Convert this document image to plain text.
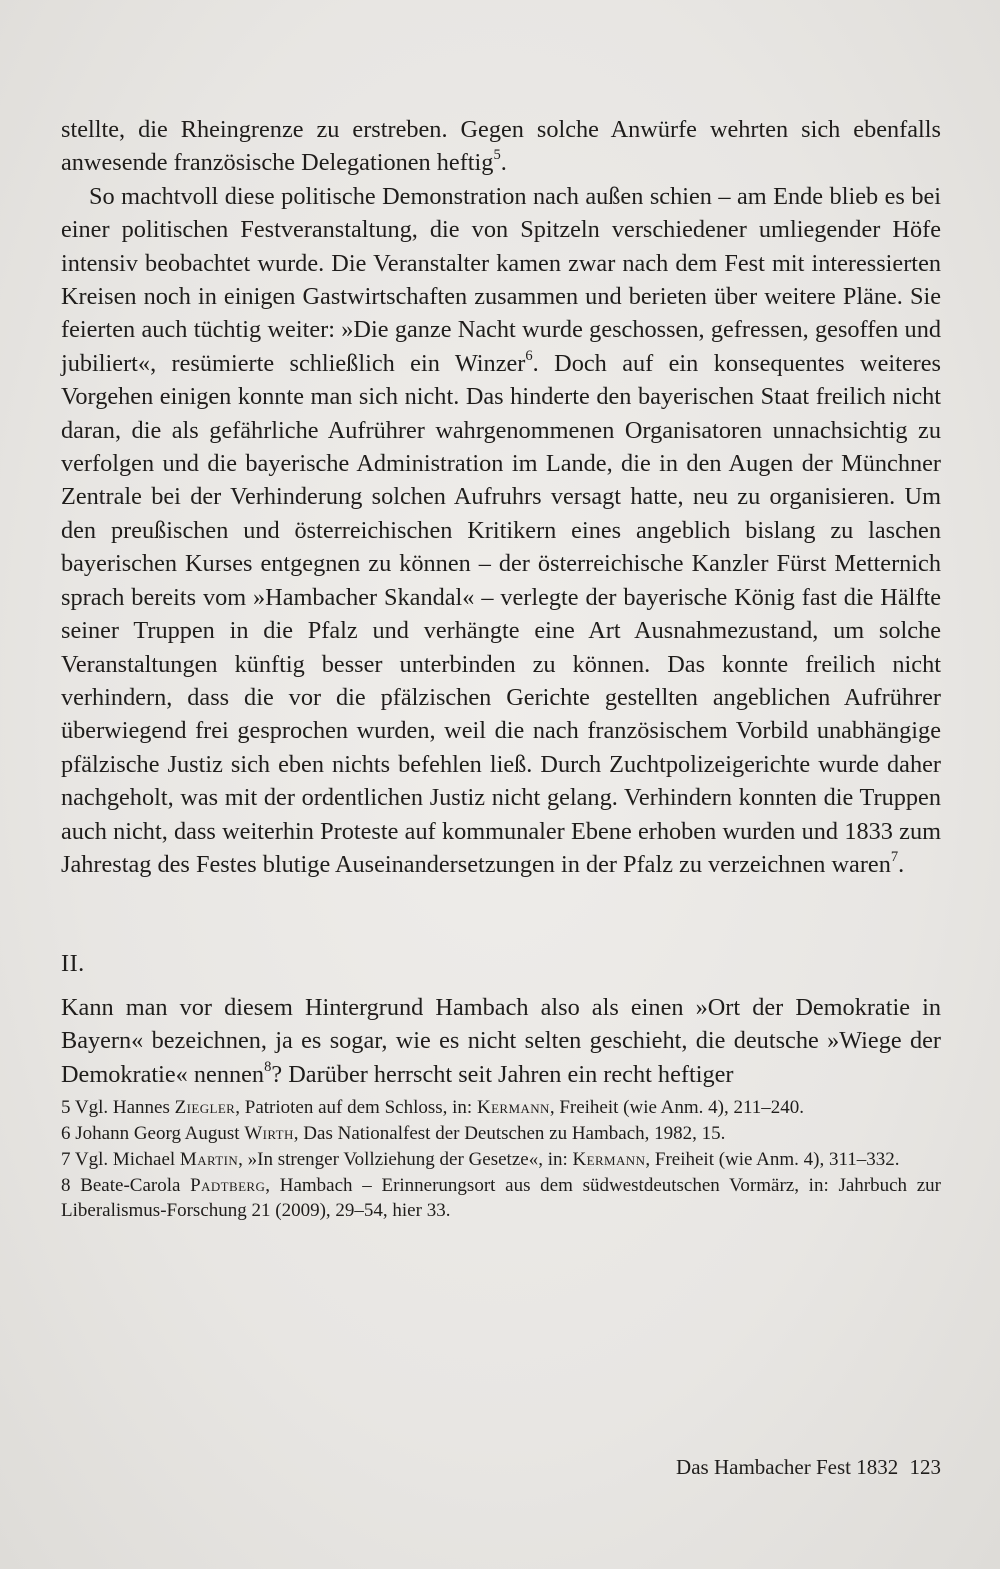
stellte, die Rheingrenze zu erstreben. Gegen solche Anwürfe wehrten sich ebenfalls anwesende französische Delegationen heftig$^5$.

So machtvoll diese politische Demonstration nach außen schien – am Ende blieb es bei einer politischen Festveranstaltung, die von Spitzeln verschiedener umliegender Höfe intensiv beobachtet wurde. Die Veranstalter kamen zwar nach dem Fest mit interessierten Kreisen noch in einigen Gastwirtschaften zusammen und berieten über weitere Pläne. Sie feierten auch tüchtig weiter: »Die ganze Nacht wurde geschossen, gefressen, gesoffen und jubiliert«, resümierte schließlich ein Winzer$^6$. Doch auf ein konsequentes weiteres Vorgehen einigen konnte man sich nicht. Das hinderte den bayerischen Staat freilich nicht daran, die als gefährliche Aufrührer wahrgenommenen Organisatoren unnachsichtig zu verfolgen und die bayerische Administration im Lande, die in den Augen der Münchner Zentrale bei der Verhinderung solchen Aufruhrs versagt hatte, neu zu organisieren. Um den preußischen und österreichischen Kritikern eines angeblich bislang zu laschen bayerischen Kurses entgegnen zu können – der österreichische Kanzler Fürst Metternich sprach bereits vom »Hambacher Skandal« – verlegte der bayerische König fast die Hälfte seiner Truppen in die Pfalz und verhängte eine Art Ausnahmezustand, um solche Veranstaltungen künftig besser unterbinden zu können. Das konnte freilich nicht verhindern, dass die vor die pfälzischen Gerichte gestellten angeblichen Aufrührer überwiegend frei gesprochen wurden, weil die nach französischem Vorbild unabhängige pfälzische Justiz sich eben nichts befehlen ließ. Durch Zuchtpolizeigerichte wurde daher nachgeholt, was mit der ordentlichen Justiz nicht gelang. Verhindern konnten die Truppen auch nicht, dass weiterhin Proteste auf kommunaler Ebene erhoben wurden und 1833 zum Jahrestag des Festes blutige Auseinandersetzungen in der Pfalz zu verzeichnen waren$^7$.

II.

Kann man vor diesem Hintergrund Hambach also als einen »Ort der Demokratie in Bayern« bezeichnen, ja es sogar, wie es nicht selten geschieht, die deutsche »Wiege der Demokratie« nennen$^8$? Darüber herrscht seit Jahren ein recht heftiger

5 Vgl. Hannes Ziegler, Patrioten auf dem Schloss, in: Kermann, Freiheit (wie Anm. 4), 211–240.
6 Johann Georg August Wirth, Das Nationalfest der Deutschen zu Hambach, 1982, 15.
7 Vgl. Michael Martin, »In strenger Vollziehung der Gesetze«, in: Kermann, Freiheit (wie Anm. 4), 311–332.
8 Beate-Carola Padtberg, Hambach – Erinnerungsort aus dem südwestdeutschen Vormärz, in: Jahrbuch zur Liberalismus-Forschung 21 (2009), 29–54, hier 33.
Das Hambacher Fest 1832 123
